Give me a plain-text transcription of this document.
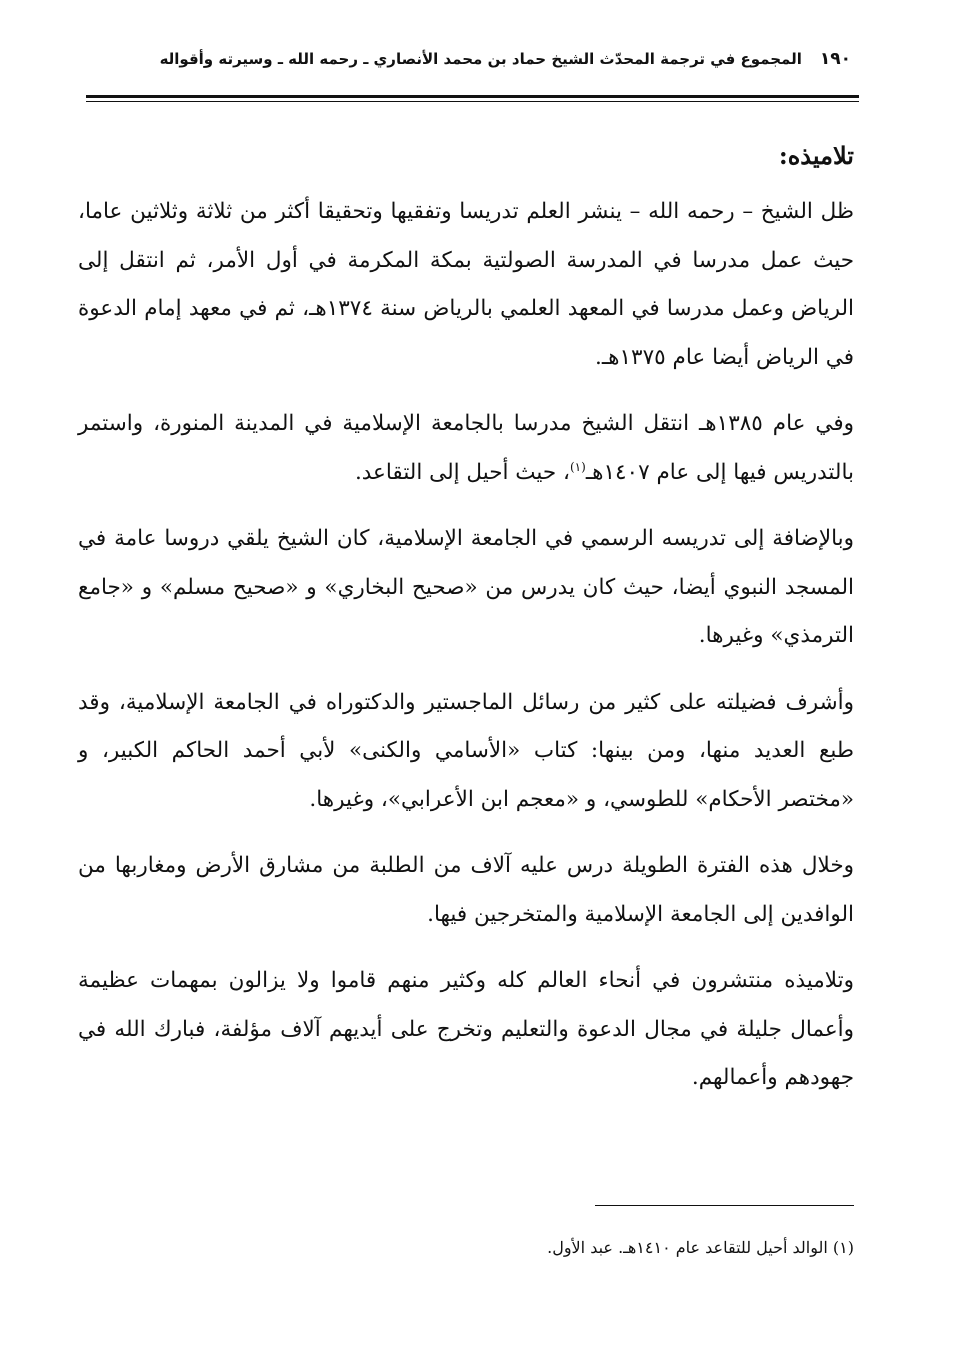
١٩٠
المجموع في ترجمة المحدّث الشيخ حماد بن محمد الأنصاري ـ رحمه الله ـ وسيرته وأقواله
تلاميذه:

ظل الشيخ – رحمه الله – ينشر العلم تدريسا وتفقيها وتحقيقا أكثر من ثلاثة وثلاثين عاما، حيث عمل مدرسا في المدرسة الصولتية بمكة المكرمة في أول الأمر، ثم انتقل إلى الرياض وعمل مدرسا في المعهد العلمي بالرياض سنة ١٣٧٤هـ، ثم في معهد إمام الدعوة في الرياض أيضا عام ١٣٧٥هـ.

وفي عام ١٣٨٥هـ انتقل الشيخ مدرسا بالجامعة الإسلامية في المدينة المنورة، واستمر بالتدريس فيها إلى عام ١٤٠٧هـ$^{(١)}$، حيث أحيل إلى التقاعد.

وبالإضافة إلى تدريسه الرسمي في الجامعة الإسلامية، كان الشيخ يلقي دروسا عامة في المسجد النبوي أيضا، حيث كان يدرس من «صحيح البخاري» و «صحيح مسلم» و «جامع الترمذي» وغيرها.

وأشرف فضيلته على كثير من رسائل الماجستير والدكتوراه في الجامعة الإسلامية، وقد طبع العديد منها، ومن بينها: كتاب «الأسامي والكنى» لأبي أحمد الحاكم الكبير، و «مختصر الأحكام» للطوسي، و «معجم ابن الأعرابي»، وغيرها.

وخلال هذه الفترة الطويلة درس عليه آلاف من الطلبة من مشارق الأرض ومغاربها من الوافدين إلى الجامعة الإسلامية والمتخرجين فيها.

وتلاميذه منتشرون في أنحاء العالم كله وكثير منهم قاموا ولا يزالون بمهمات عظيمة وأعمال جليلة في مجال الدعوة والتعليم وتخرج على أيديهم آلاف مؤلفة، فبارك الله في جهودهم وأعمالهم.

(١) الوالد أحيل للتقاعد عام ١٤١٠هـ. عبد الأول.
